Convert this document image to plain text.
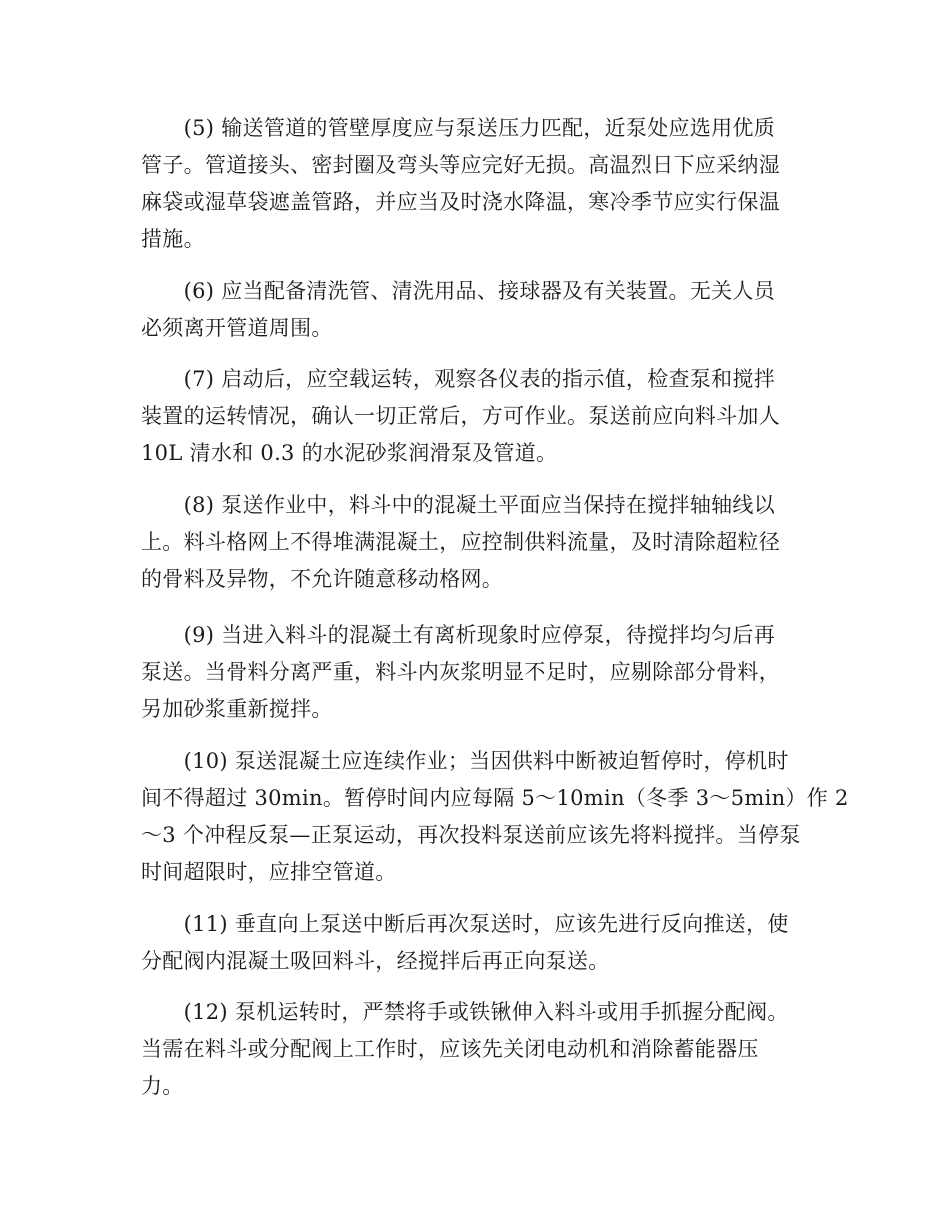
　　(5) 输送管道的管壁厚度应与泵送压力匹配，近泵处应选用优质
管子。管道接头、密封圈及弯头等应完好无损。高温烈日下应采纳湿
麻袋或湿草袋遮盖管路，并应当及时浇水降温，寒冷季节应实行保温
措施。
　　(6) 应当配备清洗管、清洗用品、接球器及有关装置。无关人员
必须离开管道周围。
　　(7) 启动后，应空载运转，观察各仪表的指示值，检查泵和搅拌
装置的运转情况，确认一切正常后，方可作业。泵送前应向料斗加人
10L 清水和 0.3 的水泥砂浆润滑泵及管道。
　　(8) 泵送作业中，料斗中的混凝土平面应当保持在搅拌轴轴线以
上。料斗格网上不得堆满混凝土，应控制供料流量，及时清除超粒径
的骨料及异物，不允许随意移动格网。
　　(9) 当进入料斗的混凝土有离析现象时应停泵，待搅拌均匀后再
泵送。当骨料分离严重，料斗内灰浆明显不足时，应剔除部分骨料，
另加砂浆重新搅拌。
　　(10) 泵送混凝土应连续作业；当因供料中断被迫暂停时，停机时
间不得超过 30min。暂停时间内应每隔 5～10min（冬季 3～5min）作 2
～3 个冲程反泵—正泵运动，再次投料泵送前应该先将料搅拌。当停泵
时间超限时，应排空管道。
　　(11) 垂直向上泵送中断后再次泵送时，应该先进行反向推送，使
分配阀内混凝土吸回料斗，经搅拌后再正向泵送。
　　(12) 泵机运转时，严禁将手或铁锹伸入料斗或用手抓握分配阀。
当需在料斗或分配阀上工作时，应该先关闭电动机和消除蓄能器压
力。
